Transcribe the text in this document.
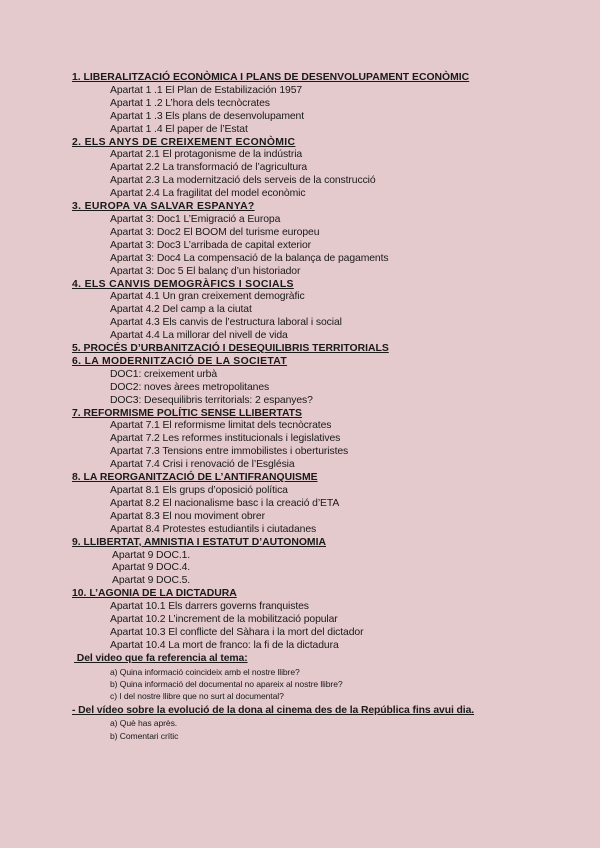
1. LIBERALITZACIÓ ECONÒMICA I PLANS DE DESENVOLUPAMENT ECONÒMIC
Apartat 1 .1 El Plan de Estabilización 1957
Apartat 1 .2 L’hora dels tecnòcrates
Apartat 1 .3 Els plans de desenvolupament
Apartat 1 .4 El paper de l’Estat
2. ELS ANYS DE CREIXEMENT ECONÒMIC
Apartat 2.1 El protagonisme de la indústria
Apartat 2.2 La transformació de l’agricultura
Apartat 2.3 La modernització dels serveis de la construcció
Apartat 2.4 La fragilitat del model econòmic
3. EUROPA VA SALVAR ESPANYA?
Apartat 3: Doc1 L’Emigració a Europa
Apartat 3: Doc2 El BOOM del turisme europeu
Apartat 3: Doc3 L’arribada de capital exterior
Apartat 3: Doc4 La compensació de la balança de pagaments
Apartat 3: Doc 5 El balanç d’un historiador
4. ELS CANVIS DEMOGRÀFICS I SOCIALS
Apartat 4.1 Un gran creixement demogràfic
Apartat 4.2 Del camp a la ciutat
Apartat 4.3 Els canvis de l’estructura laboral i social
Apartat 4.4 La millorar del nivell de vida
5. PROCÉS D’URBANITZACIÓ I DESEQUILIBRIS TERRITORIALS
6. LA MODERNITZACIÓ DE LA SOCIETAT
DOC1: creixement urbà
DOC2: noves àrees metropolitanes
DOC3: Desequilibris territorials: 2 espanyes?
7. REFORMISME POLÍTIC SENSE LLIBERTATS
Apartat 7.1 El reformisme limitat dels tecnòcrates
Apartat 7.2 Les reformes institucionals i legislatives
Apartat 7.3 Tensions entre immobilistes i oberturistes
Apartat 7.4 Crisi i renovació de l’Església
8. LA REORGANITZACIÓ DE L’ANTIFRANQUISME
Apartat 8.1 Els grups d’oposició política
Apartat 8.2 El nacionalisme basc i la creació d’ETA
Apartat 8.3 El nou moviment obrer
Apartat 8.4 Protestes estudiantils i ciutadanes
9. LLIBERTAT, AMNISTIA I ESTATUT D’AUTONOMIA
Apartat 9 DOC.1.
Apartat 9 DOC.4.
Apartat 9 DOC.5.
10. L’AGONIA DE LA DICTADURA
Apartat 10.1 Els darrers governs franquistes
Apartat 10.2 L’increment de la mobilització popular
Apartat 10.3 El conflicte del Sàhara i la mort del dictador
Apartat 10.4 La mort de franco: la fi de la dictadura
Del video que fa referencia al tema:
a) Quina informació coincideix amb el nostre llibre?
b) Quina informació del documental no apareix al nostre llibre?
c) I del nostre llibre que no surt al documental?
- Del vídeo sobre la evolució de la dona al cinema des de la República fins avui dia.
a) Què has après.
b) Comentari crític
